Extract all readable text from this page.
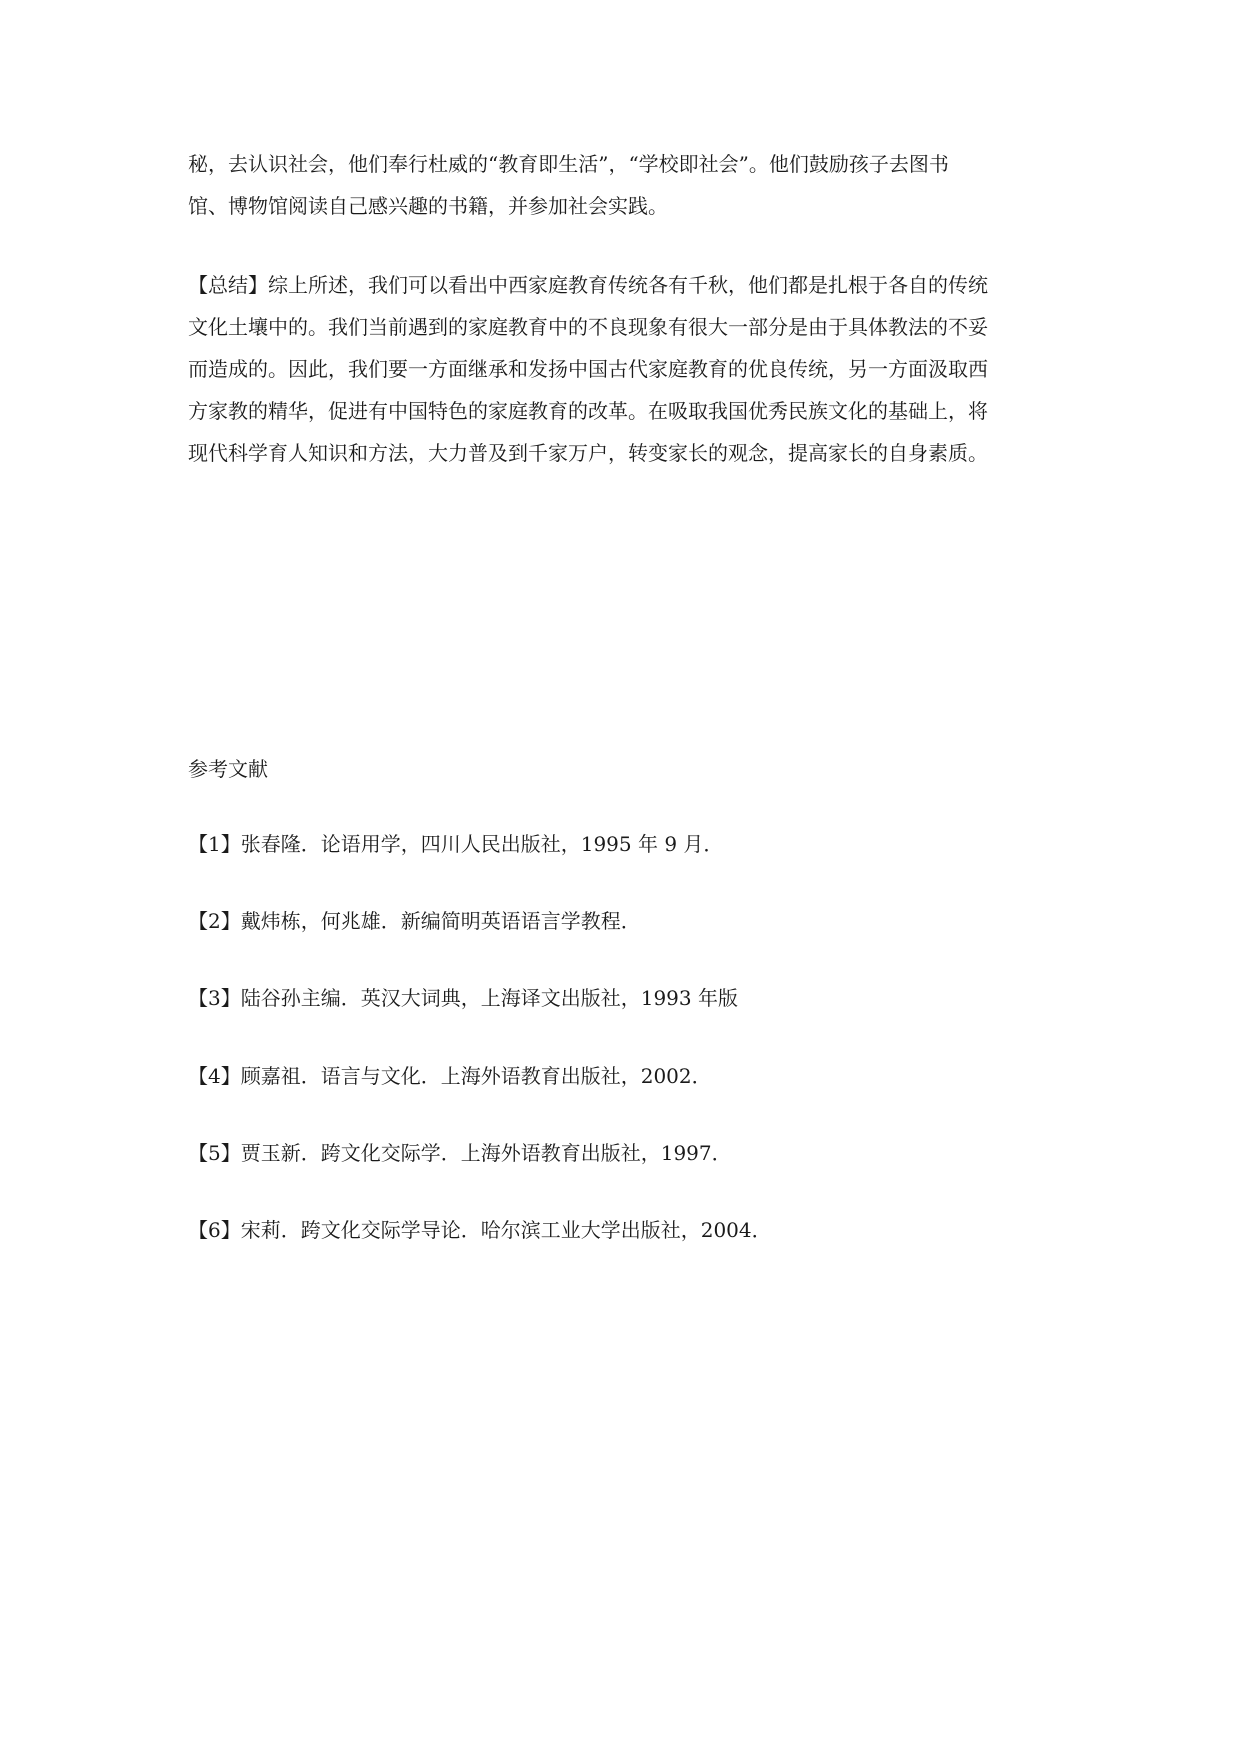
秘，去认识社会，他们奉行杜威的“教育即生活”，“学校即社会”。他们鼓励孩子去图书
馆、博物馆阅读自己感兴趣的书籍，并参加社会实践。

【总结】综上所述，我们可以看出中西家庭教育传统各有千秋，他们都是扎根于各自的传统
文化土壤中的。我们当前遇到的家庭教育中的不良现象有很大一部分是由于具体教法的不妥
而造成的。因此，我们要一方面继承和发扬中国古代家庭教育的优良传统，另一方面汲取西
方家教的精华，促进有中国特色的家庭教育的改革。在吸取我国优秀民族文化的基础上，将
现代科学育人知识和方法，大力普及到千家万户，转变家长的观念，提高家长的自身素质。

参考文献

【1】张春隆．论语用学，四川人民出版社，1995 年 9 月．

【2】戴炜栋，何兆雄．新编简明英语语言学教程．

【3】陆谷孙主编．英汉大词典，上海译文出版社，1993 年版

【4】顾嘉祖．语言与文化．上海外语教育出版社，2002．

【5】贾玉新．跨文化交际学．上海外语教育出版社，1997．

【6】宋莉．跨文化交际学导论．哈尔滨工业大学出版社，2004．
